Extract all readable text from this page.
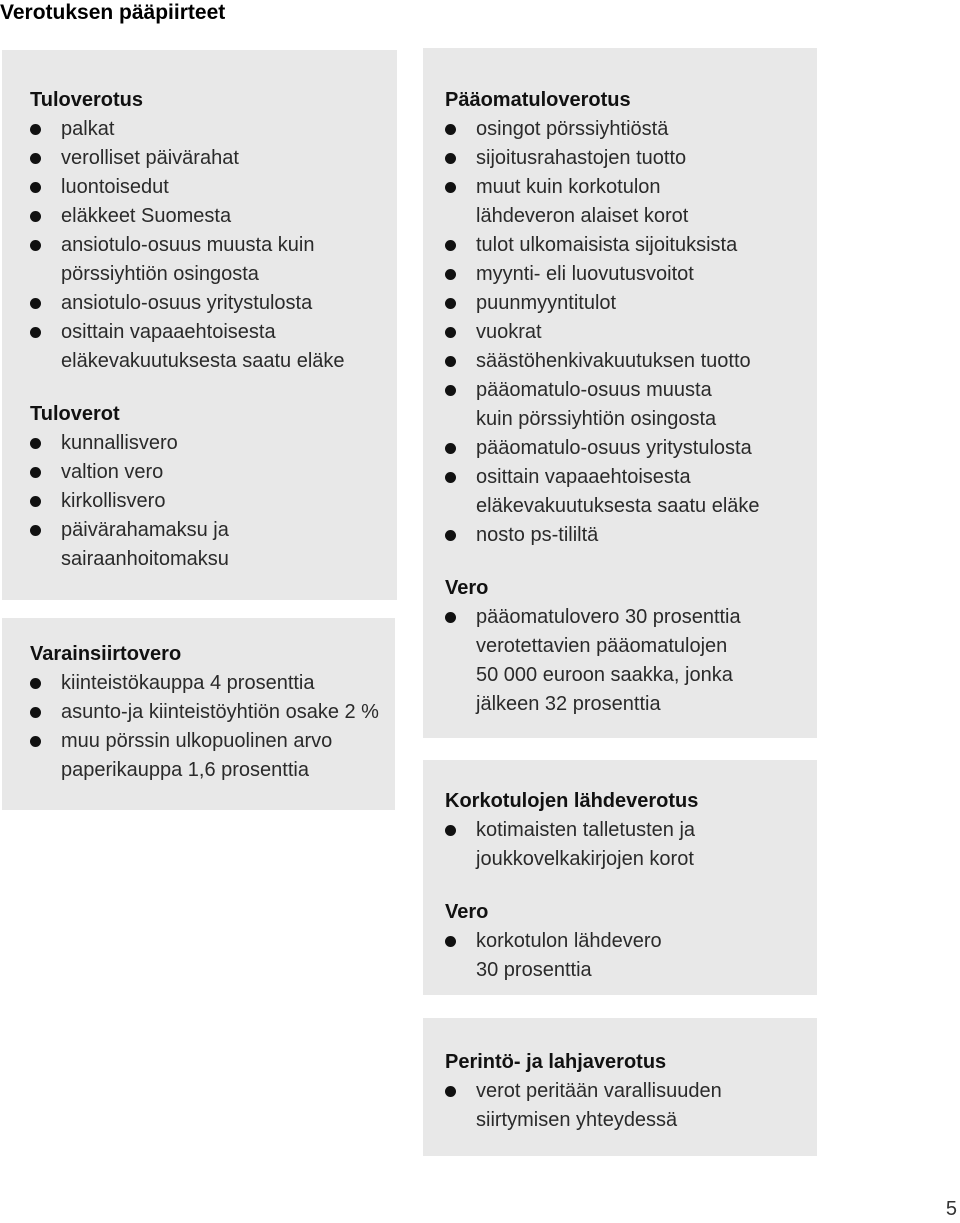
Verotuksen pääpiirteet
Tuloverotus
palkat
verolliset päivärahat
luontoisedut
eläkkeet Suomesta
ansiotulo-osuus muusta kuin
pörssiyhtiön osingosta
ansiotulo-osuus yritystulosta
osittain vapaaehtoisesta
eläkevakuutuksesta saatu eläke
Tuloverot
kunnallisvero
valtion vero
kirkollisvero
päivärahamaksu ja
sairaanhoitomaksu
Varainsiirtovero
kiinteistökauppa 4 prosenttia
asunto-ja kiinteistöyhtiön osake 2 %
muu pörssin ulkopuolinen arvo
paperikauppa 1,6 prosenttia
Pääomatuloverotus
osingot pörssiyhtiöstä
sijoitusrahastojen tuotto
muut kuin korkotulon
lähdeveron alaiset korot
tulot ulkomaisista sijoituksista
myynti- eli luovutusvoitot
puunmyyntitulot
vuokrat
säästöhenkivakuutuksen tuotto
pääomatulo-osuus muusta
kuin pörssiyhtiön osingosta
pääomatulo-osuus yritystulosta
osittain vapaaehtoisesta
eläkevakuutuksesta saatu eläke
nosto ps-tililtä
Vero
pääomatulovero 30 prosenttia
verotettavien pääomatulojen
50 000 euroon saakka, jonka
jälkeen 32 prosenttia
Korkotulojen lähdeverotus
kotimaisten talletusten ja
joukkovelkakirjojen korot
Vero
korkotulon lähdevero
30 prosenttia
Perintö- ja lahjaverotus
verot peritään varallisuuden
siirtymisen yhteydessä
5
